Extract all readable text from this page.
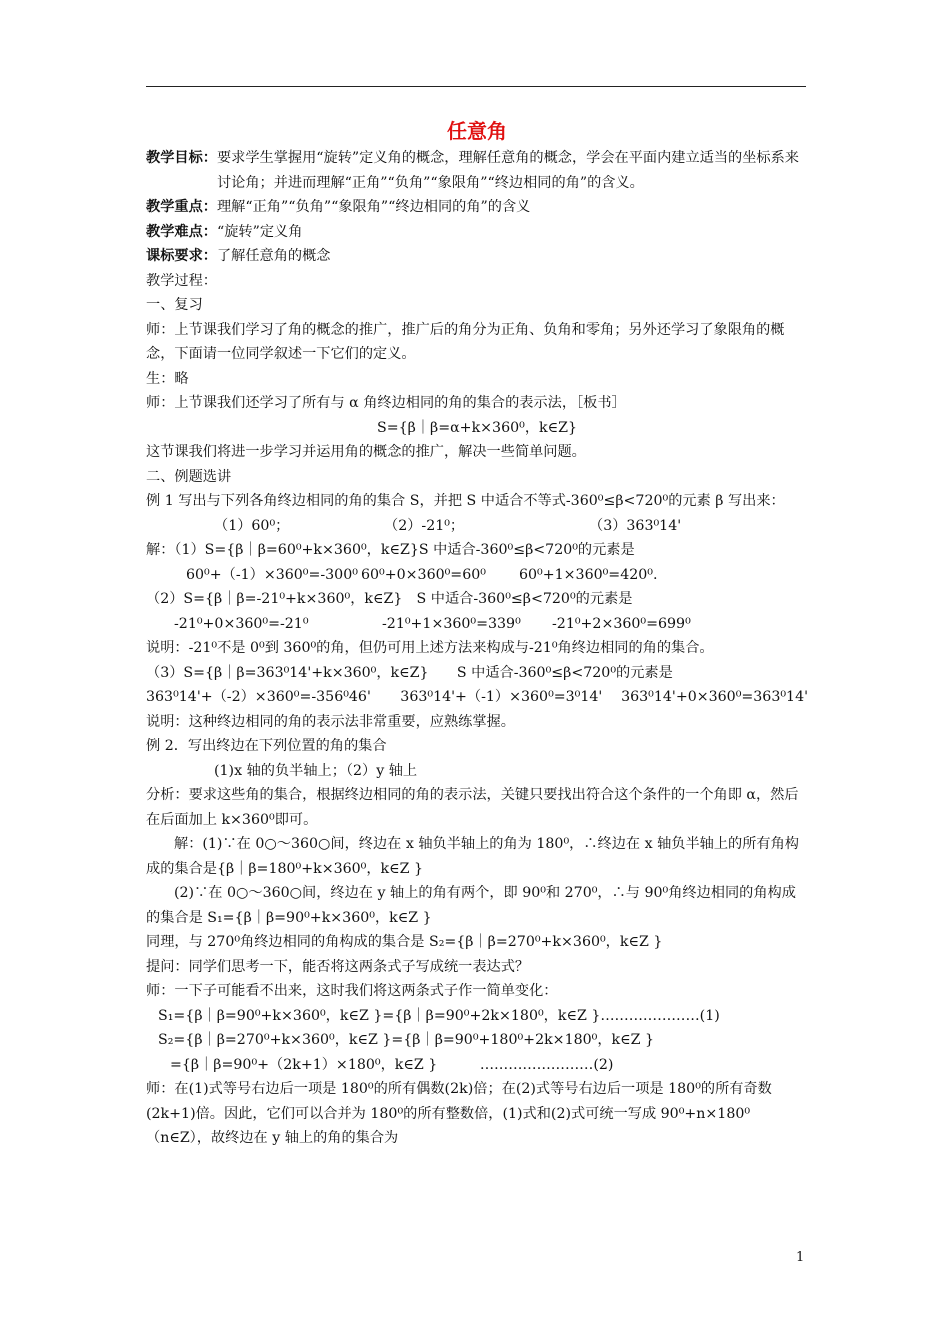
任意角
教学目标： 要求学生掌握用“旋转”定义角的概念，理解任意角的概念，学会在平面内建立适当的坐标系来讨论角；并进而理解“正角”“负角”“象限角”“终边相同的角”的含义。
教学重点：理解“正角”“负角”“象限角”“终边相同的角”的含义
教学难点：“旋转”定义角
课标要求：了解任意角的概念
教学过程：
一、复习
师：上节课我们学习了角的概念的推广，推广后的角分为正角、负角和零角；另外还学习了象限角的概念，下面请一位同学叙述一下它们的定义。
生：略
师：上节课我们还学习了所有与 α 角终边相同的角的集合的表示法，［板书］
S={β｜β=α+k×360⁰，k∈Z}
这节课我们将进一步学习并运用角的概念的推广，解决一些简单问题。
二、例题选讲
例 1 写出与下列各角终边相同的角的集合 S，并把 S 中适合不等式-360⁰≤β<720⁰的元素 β 写出来：
（1）60⁰；	（2）-21⁰；	（3）363⁰14'
解：（1）S={β｜β=60⁰+k×360⁰，k∈Z}S 中适合-360⁰≤β<720⁰的元素是
60⁰+（-1）×360⁰=-300⁰ 60⁰+0×360⁰=60⁰	60⁰+1×360⁰=420⁰.
（2）S={β｜β=-21⁰+k×360⁰，k∈Z}　S 中适合-360⁰≤β<720⁰的元素是
-21⁰+0×360⁰=-21⁰	-21⁰+1×360⁰=339⁰	-21⁰+2×360⁰=699⁰
说明：-21⁰不是 0⁰到 360⁰的角，但仍可用上述方法来构成与-21⁰角终边相同的角的集合。
（3）S={β｜β=363⁰14'+k×360⁰，k∈Z}　　S 中适合-360⁰≤β<720⁰的元素是
363⁰14'+（-2）×360⁰=-356⁰46'	363⁰14'+（-1）×360⁰=3⁰14'	363⁰14'+0×360⁰=363⁰14'
说明：这种终边相同的角的表示法非常重要，应熟练掌握。
例 2．写出终边在下列位置的角的集合
(1)x 轴的负半轴上；（2）y 轴上
分析：要求这些角的集合，根据终边相同的角的表示法，关键只要找出符合这个条件的一个角即 α，然后在后面加上 k×360⁰即可。
解：(1)∵在 0○～360○间，终边在 x 轴负半轴上的角为 180⁰，∴终边在 x 轴负半轴上的所有角构成的集合是{β｜β=180⁰+k×360⁰，k∈Z }
(2)∵在 0○～360○间，终边在 y 轴上的角有两个，即 90⁰和 270⁰，∴与 90⁰角终边相同的角构成的集合是 S₁={β｜β=90⁰+k×360⁰，k∈Z }
同理，与 270⁰角终边相同的角构成的集合是 S₂={β｜β=270⁰+k×360⁰，k∈Z }
提问：同学们思考一下，能否将这两条式子写成统一表达式？
师：一下子可能看不出来，这时我们将这两条式子作一简单变化：
S₁={β｜β=90⁰+k×360⁰，k∈Z }={β｜β=90⁰+2k×180⁰，k∈Z }…………………(1)
S₂={β｜β=270⁰+k×360⁰，k∈Z }={β｜β=90⁰+180⁰+2k×180⁰，k∈Z }
={β｜β=90⁰+（2k+1）×180⁰，k∈Z }　　　……………………(2)
师：在(1)式等号右边后一项是 180⁰的所有偶数(2k)倍；在(2)式等号右边后一项是 180⁰的所有奇数(2k+1)倍。因此，它们可以合并为 180⁰的所有整数倍，(1)式和(2)式可统一写成 90⁰+n×180⁰（n∈Z），故终边在 y 轴上的角的集合为
1
